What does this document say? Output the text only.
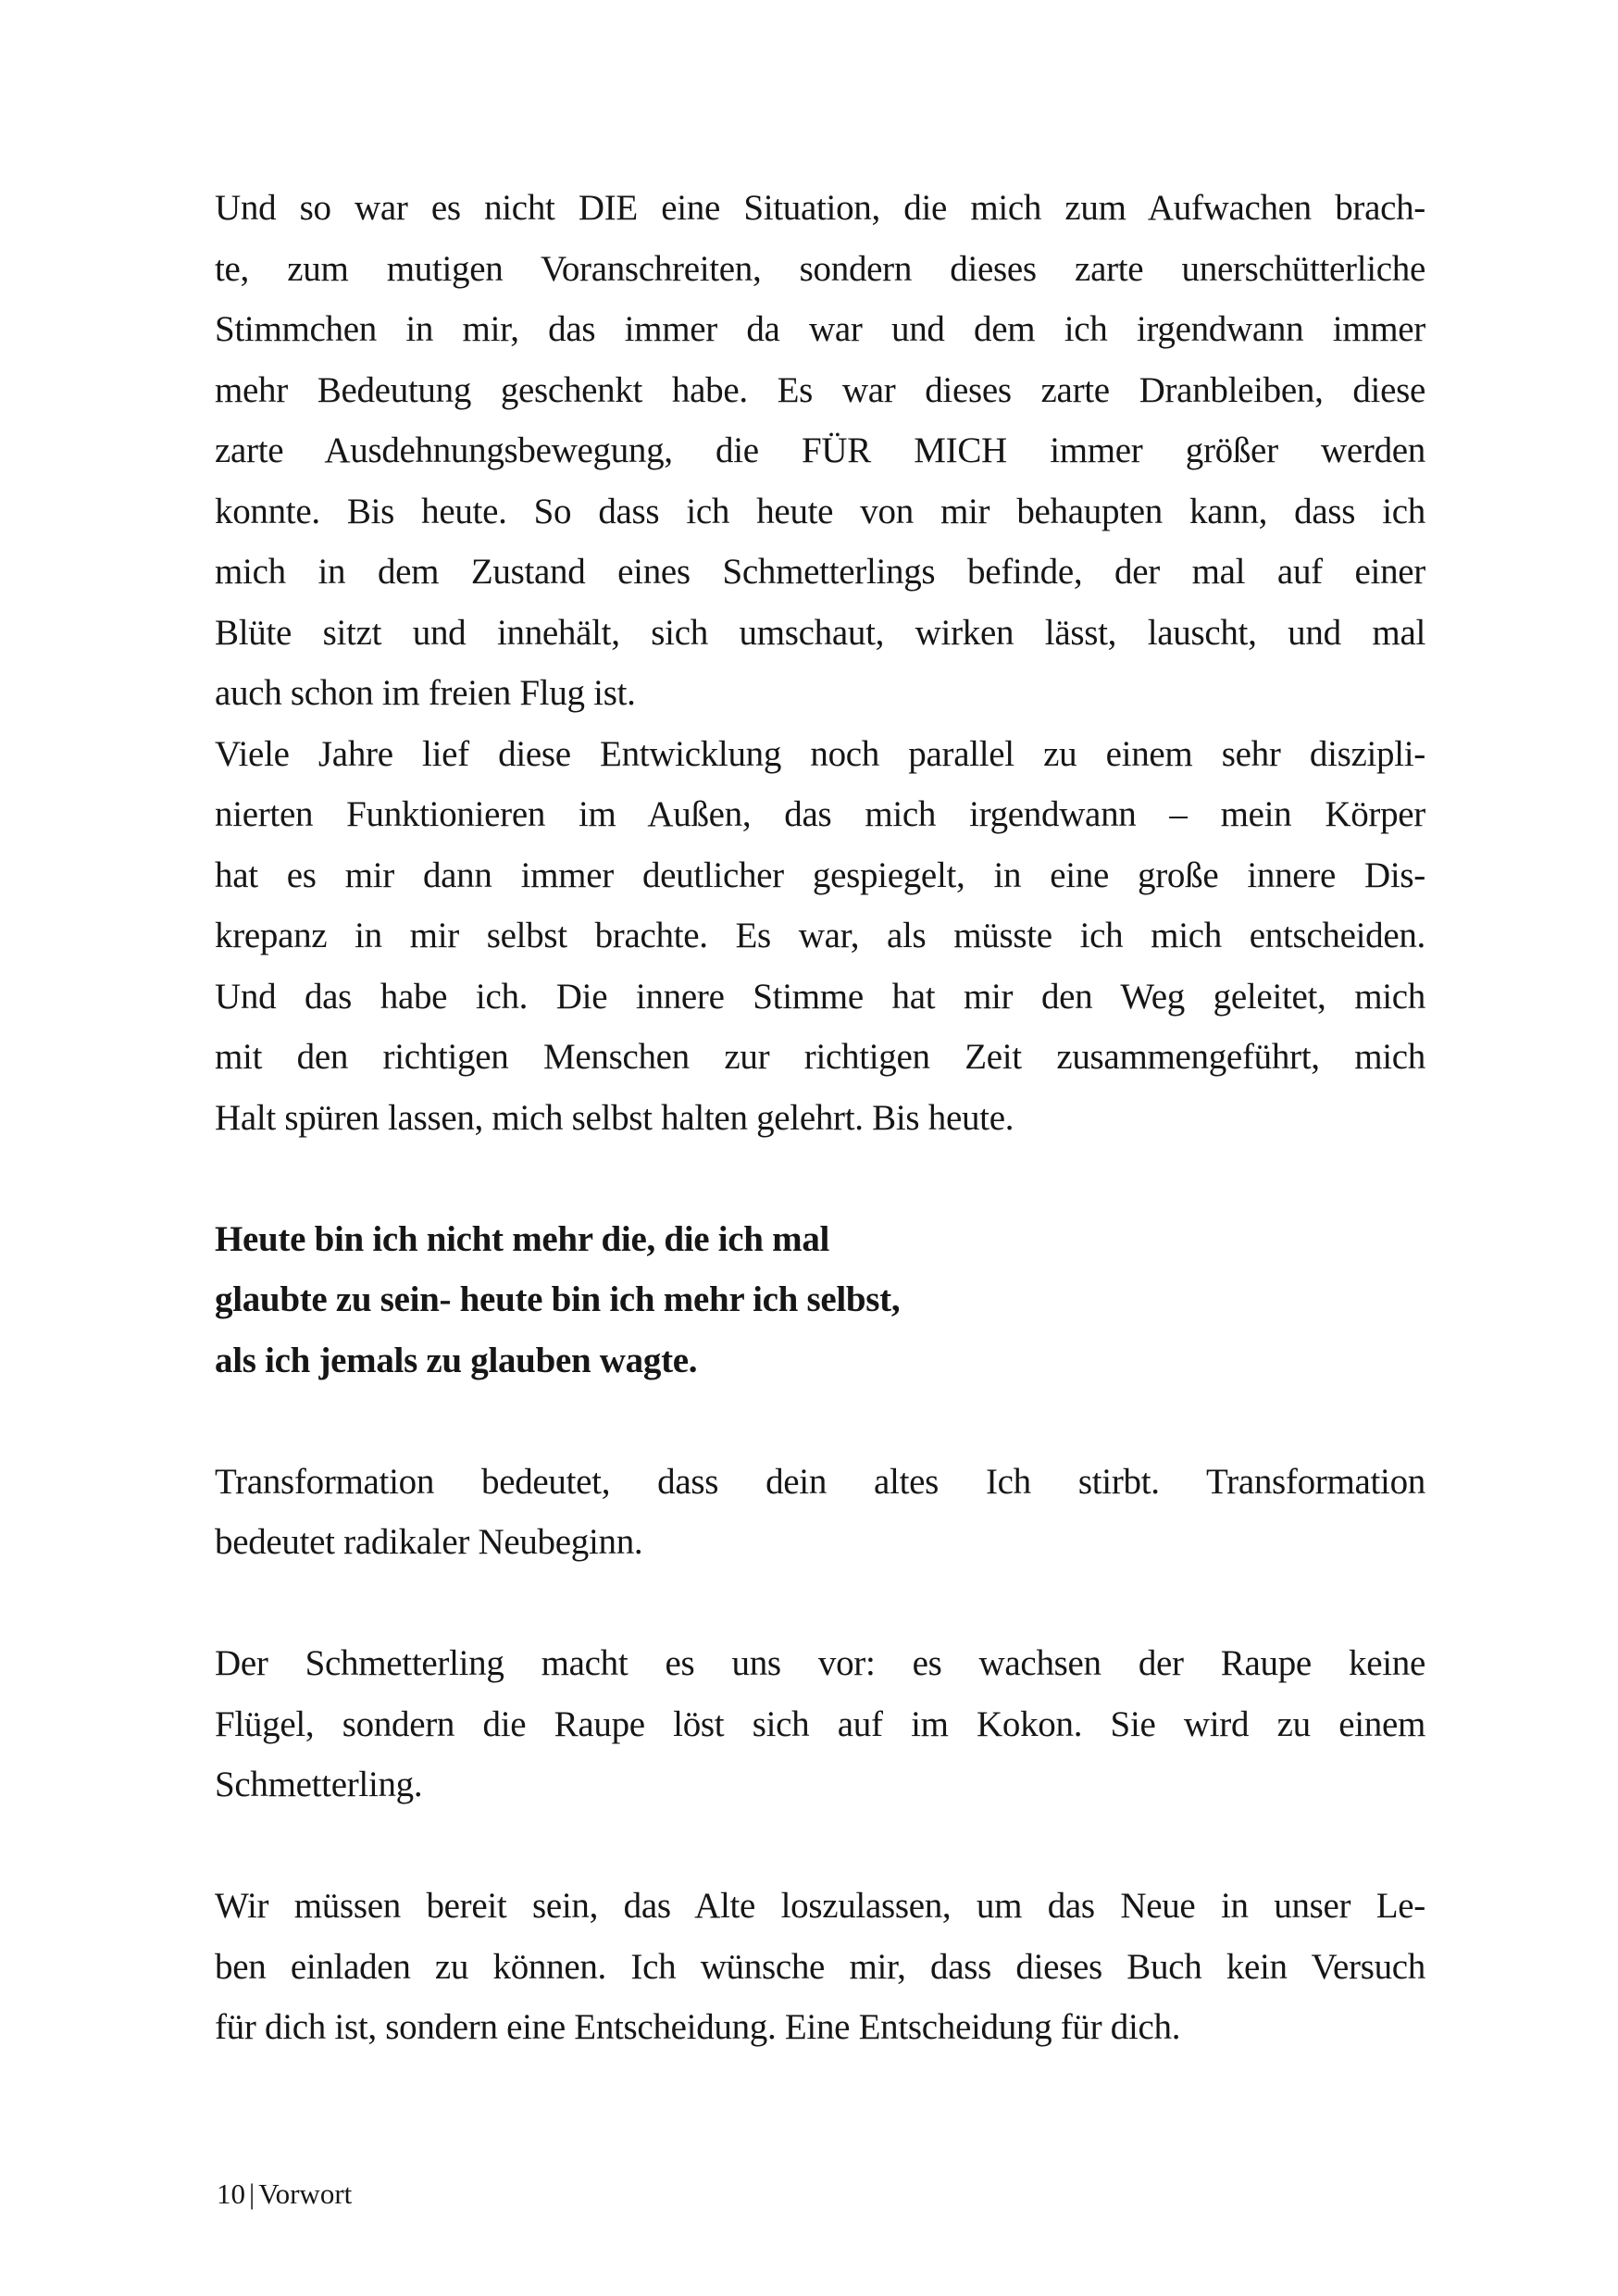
Und so war es nicht DIE eine Situation, die mich zum Aufwachen brach-
te, zum mutigen Voranschreiten, sondern dieses zarte unerschütterliche
Stimmchen in mir, das immer da war und dem ich irgendwann immer
mehr Bedeutung geschenkt habe. Es war dieses zarte Dranbleiben, diese
zarte Ausdehnungsbewegung, die FÜR MICH immer größer werden
konnte. Bis heute. So dass ich heute von mir behaupten kann, dass ich
mich in dem Zustand eines Schmetterlings befinde, der mal auf einer
Blüte sitzt und innehält, sich umschaut, wirken lässt, lauscht, und mal
auch schon im freien Flug ist.
Viele Jahre lief diese Entwicklung noch parallel zu einem sehr diszipli-
nierten Funktionieren im Außen, das mich irgendwann – mein Körper
hat es mir dann immer deutlicher gespiegelt, in eine große innere Dis-
krepanz in mir selbst brachte. Es war, als müsste ich mich entscheiden.
Und das habe ich. Die innere Stimme hat mir den Weg geleitet, mich
mit den richtigen Menschen zur richtigen Zeit zusammengeführt, mich
Halt spüren lassen, mich selbst halten gelehrt. Bis heute.
Heute bin ich nicht mehr die, die ich mal
glaubte zu sein- heute bin ich mehr ich selbst,
als ich jemals zu glauben wagte.
Transformation bedeutet, dass dein altes Ich stirbt. Transformation
bedeutet radikaler Neubeginn.
Der Schmetterling macht es uns vor: es wachsen der Raupe keine
Flügel, sondern die Raupe löst sich auf im Kokon. Sie wird zu einem
Schmetterling.
Wir müssen bereit sein, das Alte loszulassen, um das Neue in unser Le-
ben einladen zu können. Ich wünsche mir, dass dieses Buch kein Versuch
für dich ist, sondern eine Entscheidung. Eine Entscheidung für dich.
10 | Vorwort
